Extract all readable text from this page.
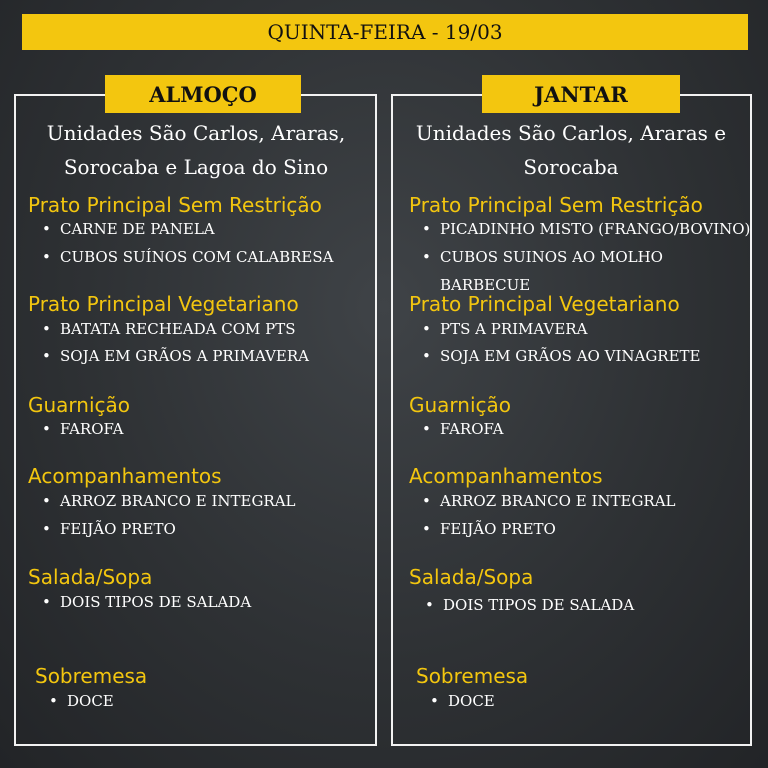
QUINTA-FEIRA - 19/03
ALMOÇO	JANTAR
Unidades São Carlos, Araras,
Sorocaba e Lagoa do Sino
Prato Principal Sem Restrição
• CARNE DE PANELA
• CUBOS SUÍNOS COM CALABRESA
Prato Principal Vegetariano
• BATATA RECHEADA COM PTS
• SOJA EM GRÃOS A PRIMAVERA
Guarnição
• FAROFA
Acompanhamentos
• ARROZ BRANCO E INTEGRAL
• FEIJÃO PRETO
Salada/Sopa
• DOIS TIPOS DE SALADA
Sobremesa
• DOCE
Unidades São Carlos, Araras e
Sorocaba
Prato Principal Sem Restrição
• PICADINHO MISTO (FRANGO/BOVINO)
• CUBOS SUINOS AO MOLHO
BARBECUE
Prato Principal Vegetariano
• PTS A PRIMAVERA
• SOJA EM GRÃOS AO VINAGRETE
Guarnição
• FAROFA
Acompanhamentos
• ARROZ BRANCO E INTEGRAL
• FEIJÃO PRETO
Salada/Sopa
• DOIS TIPOS DE SALADA
Sobremesa
• DOCE
